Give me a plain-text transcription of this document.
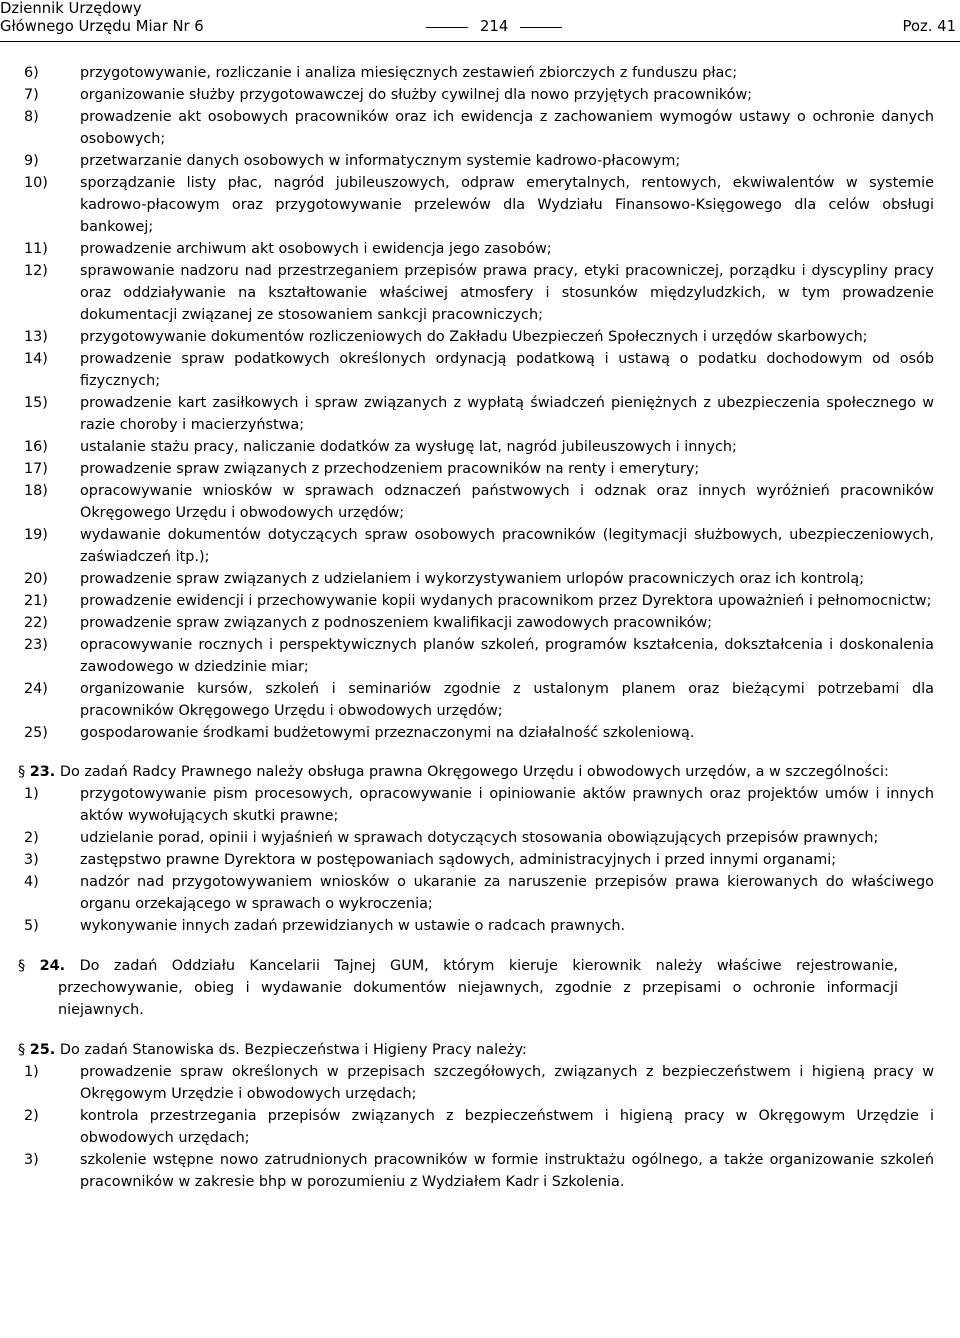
Dziennik Urzędowy
Głównego Urzędu Miar Nr 6	214	Poz. 41
6)	przygotowywanie, rozliczanie i analiza miesięcznych zestawień zbiorczych z funduszu płac;
7)	organizowanie służby przygotowawczej do służby cywilnej dla nowo przyjętych pracowników;
8)	prowadzenie akt osobowych pracowników oraz ich ewidencja z zachowaniem wymogów ustawy o ochronie danych osobowych;
9)	przetwarzanie danych osobowych w informatycznym systemie kadrowo-płacowym;
10)	sporządzanie listy płac, nagród jubileuszowych, odpraw emerytalnych, rentowych, ekwiwalentów w systemie kadrowo-płacowym oraz przygotowywanie przelewów dla Wydziału Finansowo-Księgowego dla celów obsługi bankowej;
11)	prowadzenie archiwum akt osobowych i ewidencja jego zasobów;
12)	sprawowanie nadzoru nad przestrzeganiem przepisów prawa pracy, etyki pracowniczej, porządku i dyscypliny pracy oraz oddziaływanie na kształtowanie właściwej atmosfery i stosunków międzyludzkich, w tym prowadzenie dokumentacji związanej ze stosowaniem sankcji pracowniczych;
13)	przygotowywanie dokumentów rozliczeniowych do Zakładu Ubezpieczeń Społecznych i urzędów skarbowych;
14)	prowadzenie spraw podatkowych określonych ordynacją podatkową i ustawą o podatku dochodowym od osób fizycznych;
15)	prowadzenie kart zasiłkowych i spraw związanych z wypłatą świadczeń pieniężnych z ubezpieczenia społecznego w razie choroby i macierzyństwa;
16)	ustalanie stażu pracy, naliczanie dodatków za wysługę lat, nagród jubileuszowych i innych;
17)	prowadzenie spraw związanych z przechodzeniem pracowników na renty i emerytury;
18)	opracowywanie wniosków w sprawach odznaczeń państwowych i odznak oraz innych wyróżnień pracowników Okręgowego Urzędu i obwodowych urzędów;
19)	wydawanie dokumentów dotyczących spraw osobowych pracowników (legitymacji służbowych, ubezpieczeniowych, zaświadczeń itp.);
20)	prowadzenie spraw związanych z udzielaniem i wykorzystywaniem urlopów pracowniczych oraz ich kontrolą;
21)	prowadzenie ewidencji i przechowywanie kopii wydanych pracownikom przez Dyrektora upoważnień i pełnomocnictw;
22)	prowadzenie spraw związanych z podnoszeniem kwalifikacji zawodowych pracowników;
23)	opracowywanie rocznych i perspektywicznych planów szkoleń, programów kształcenia, dokształcenia i doskonalenia zawodowego w dziedzinie miar;
24)	organizowanie kursów, szkoleń i seminariów zgodnie z ustalonym planem oraz bieżącymi potrzebami dla pracowników Okręgowego Urzędu i obwodowych urzędów;
25)	gospodarowanie środkami budżetowymi przeznaczonymi na działalność szkoleniową.
§ 23. Do zadań Radcy Prawnego należy obsługa prawna Okręgowego Urzędu i obwodowych urzędów, a w szczególności:
1)	przygotowywanie pism procesowych, opracowywanie i opiniowanie aktów prawnych oraz projektów umów i innych aktów wywołujących skutki prawne;
2)	udzielanie porad, opinii i wyjaśnień w sprawach dotyczących stosowania obowiązujących przepisów prawnych;
3)	zastępstwo prawne Dyrektora w postępowaniach sądowych, administracyjnych i przed innymi organami;
4)	nadzór nad przygotowywaniem wniosków o ukaranie za naruszenie przepisów prawa kierowanych do właściwego organu orzekającego w sprawach o wykroczenia;
5)	wykonywanie innych zadań przewidzianych w ustawie o radcach prawnych.
§ 24. Do zadań Oddziału Kancelarii Tajnej GUM, którym kieruje kierownik należy właściwe rejestrowanie, przechowywanie, obieg i wydawanie dokumentów niejawnych, zgodnie z przepisami o ochronie informacji niejawnych.
§ 25. Do zadań Stanowiska ds. Bezpieczeństwa i Higieny Pracy należy:
1)	prowadzenie spraw określonych w przepisach szczegółowych, związanych z bezpieczeństwem i higieną pracy w Okręgowym Urzędzie i obwodowych urzędach;
2)	kontrola przestrzegania przepisów związanych z bezpieczeństwem i higieną pracy w Okręgowym Urzędzie i obwodowych urzędach;
3)	szkolenie wstępne nowo zatrudnionych pracowników w formie instruktażu ogólnego, a także organizowanie szkoleń pracowników w zakresie bhp w porozumieniu z Wydziałem Kadr i Szkolenia.
